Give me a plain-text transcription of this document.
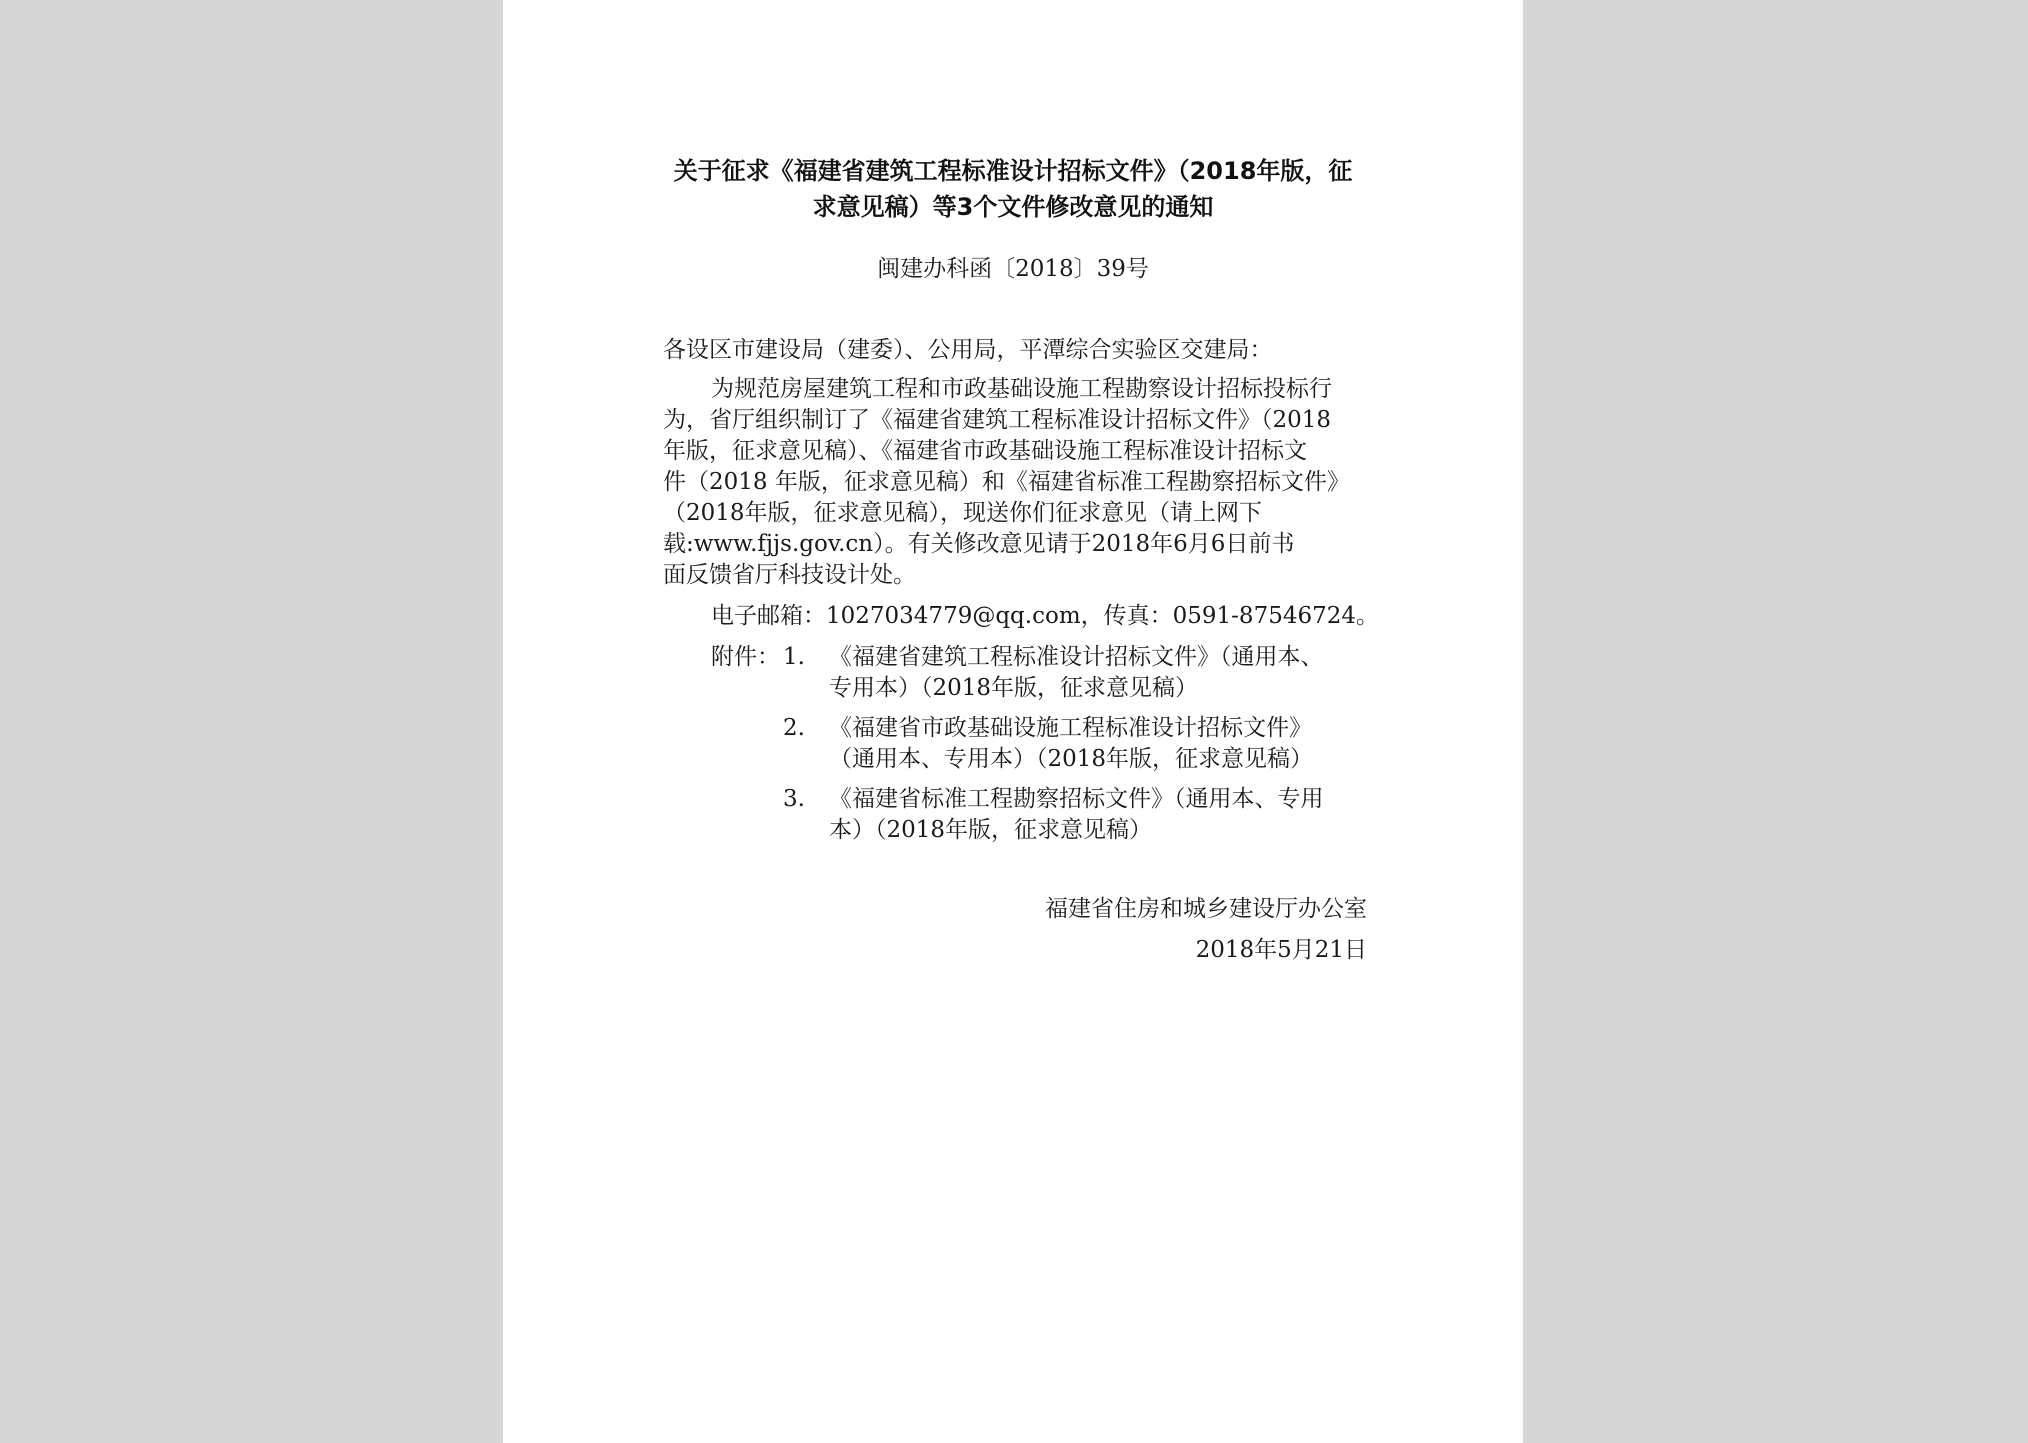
关于征求《福建省建筑工程标准设计招标文件》（2018年版，征
求意见稿）等3个文件修改意见的通知
闽建办科函〔2018〕39号
各设区市建设局（建委）、公用局，平潭综合实验区交建局：
为规范房屋建筑工程和市政基础设施工程勘察设计招标投标行
为，省厅组织制订了《福建省建筑工程标准设计招标文件》（2018
年版，征求意见稿）、《福建省市政基础设施工程标准设计招标文
件（2018 年版，征求意见稿）和《福建省标准工程勘察招标文件》
（2018年版，征求意见稿），现送你们征求意见（请上网下
载:www.fjjs.gov.cn）。有关修改意见请于2018年6月6日前书
面反馈省厅科技设计处。
电子邮箱：1027034779@qq.com，传真：0591-87546724。
附件： 1. 《福建省建筑工程标准设计招标文件》（通用本、
专用本）（2018年版，征求意见稿）
2. 《福建省市政基础设施工程标准设计招标文件》
（通用本、专用本）（2018年版，征求意见稿）
3. 《福建省标准工程勘察招标文件》（通用本、专用
本）（2018年版，征求意见稿）
福建省住房和城乡建设厅办公室
2018年5月21日
